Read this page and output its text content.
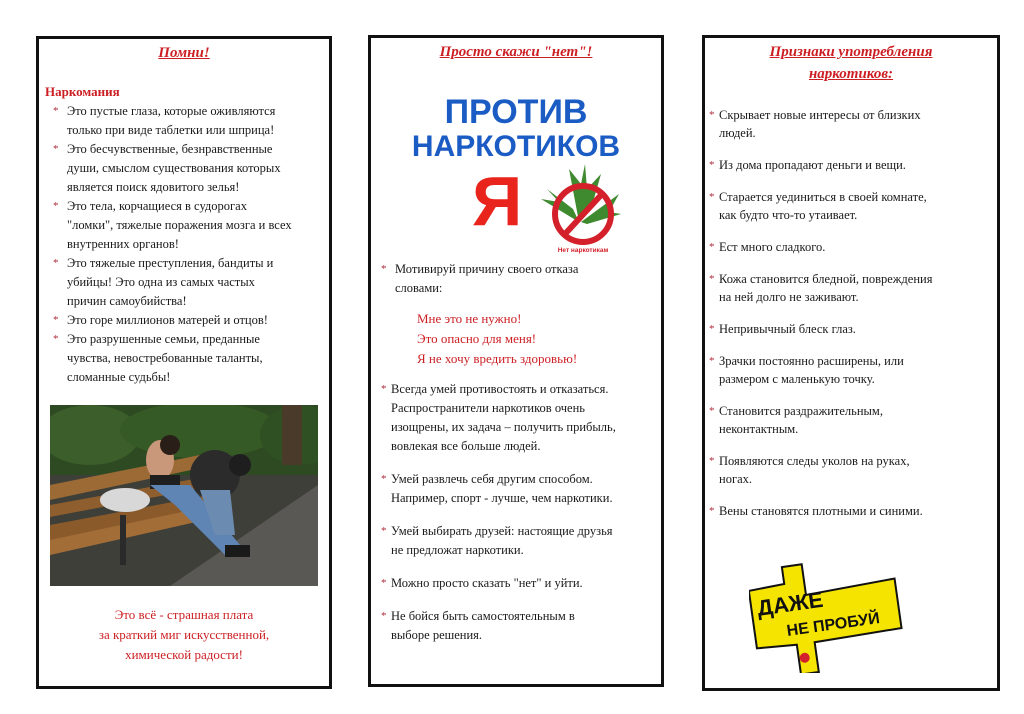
Помни!
Наркомания
* Это пустые глаза, которые оживляются
только при виде таблетки или шприца!
* Это бесчувственные, безнравственные
души, смыслом существования которых
является поиск ядовитого зелья!
* Это тела, корчащиеся в судорогах
"ломки", тяжелые поражения мозга и всех
внутренних органов!
* Это тяжелые преступления, бандиты и
убийцы! Это одна из самых частых
причин самоубийства!
* Это горе миллионов матерей и отцов!
* Это разрушенные семьи, преданные
чувства, невостребованные таланты,
сломанные судьбы!
Это всё - страшная плата
за краткий миг искусственной,
химической радости!
Просто скажи "нет"!
ПРОТИВ
НАРКОТИКОВ
Я
Нет наркотикам
* Мотивируй причину своего отказа
словами:
Мне это не нужно!
Это опасно для меня!
Я не хочу вредить здоровью!
* Всегда умей противостоять и отказаться.
Распространители наркотиков очень
изощрены, их задача – получить прибыль,
вовлекая все больше людей.
* Умей развлечь себя другим способом.
Например, спорт - лучше, чем наркотики.
* Умей выбирать друзей: настоящие друзья
не предложат наркотики.
* Можно просто сказать "нет" и уйти.
* Не бойся быть самостоятельным в
выборе решения.
Признаки употребления
наркотиков:
* Скрывает новые интересы от близких
людей.
* Из дома пропадают деньги и вещи.
* Старается уединиться в своей комнате,
как будто что-то утаивает.
* Ест много сладкого.
* Кожа становится бледной, повреждения
на ней долго не заживают.
* Непривычный блеск глаз.
* Зрачки постоянно расширены, или
размером с маленькую точку.
* Становится раздражительным,
неконтактным.
* Появляются следы уколов на руках,
ногах.
* Вены становятся плотными и синими.
ДАЖЕ
НЕ ПРОБУЙ
